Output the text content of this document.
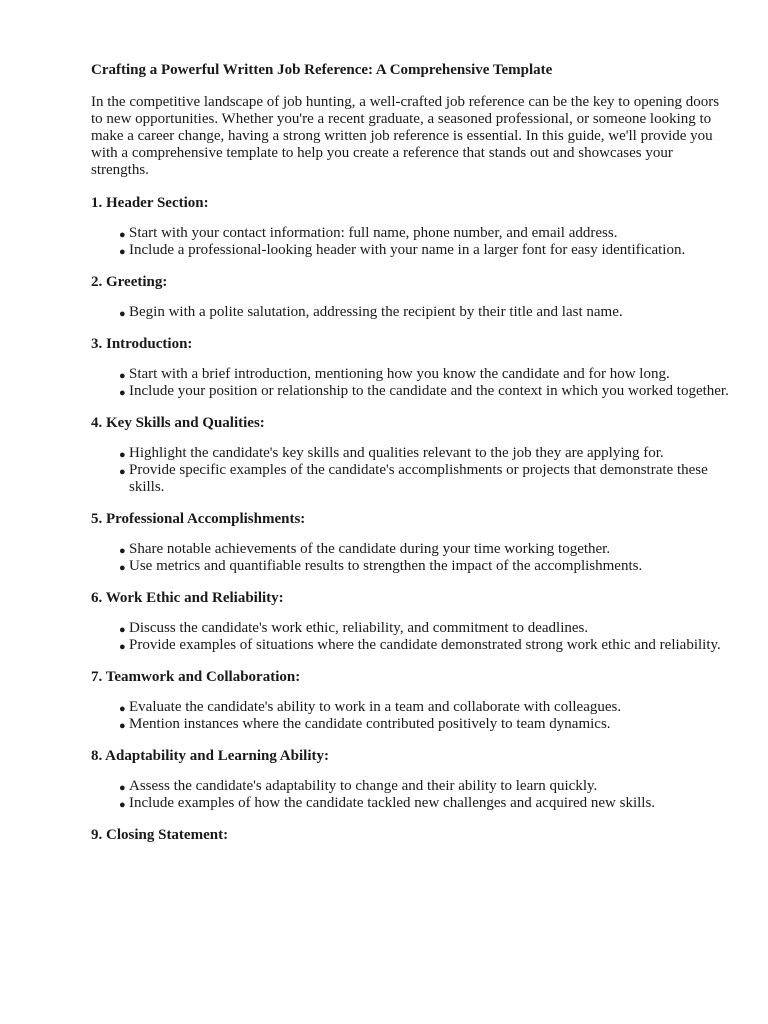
Crafting a Powerful Written Job Reference: A Comprehensive Template

In the competitive landscape of job hunting, a well-crafted job reference can be the key to opening doors to new opportunities. Whether you're a recent graduate, a seasoned professional, or someone looking to make a career change, having a strong written job reference is essential. In this guide, we'll provide you with a comprehensive template to help you create a reference that stands out and showcases your strengths.

1. Header Section:
● Start with your contact information: full name, phone number, and email address.
● Include a professional-looking header with your name in a larger font for easy identification.
2. Greeting:
● Begin with a polite salutation, addressing the recipient by their title and last name.
3. Introduction:
● Start with a brief introduction, mentioning how you know the candidate and for how long.
● Include your position or relationship to the candidate and the context in which you worked together.
4. Key Skills and Qualities:
● Highlight the candidate's key skills and qualities relevant to the job they are applying for.
● Provide specific examples of the candidate's accomplishments or projects that demonstrate these skills.
5. Professional Accomplishments:
● Share notable achievements of the candidate during your time working together.
● Use metrics and quantifiable results to strengthen the impact of the accomplishments.
6. Work Ethic and Reliability:
● Discuss the candidate's work ethic, reliability, and commitment to deadlines.
● Provide examples of situations where the candidate demonstrated strong work ethic and reliability.
7. Teamwork and Collaboration:
● Evaluate the candidate's ability to work in a team and collaborate with colleagues.
● Mention instances where the candidate contributed positively to team dynamics.
8. Adaptability and Learning Ability:
● Assess the candidate's adaptability to change and their ability to learn quickly.
● Include examples of how the candidate tackled new challenges and acquired new skills.
9. Closing Statement:
